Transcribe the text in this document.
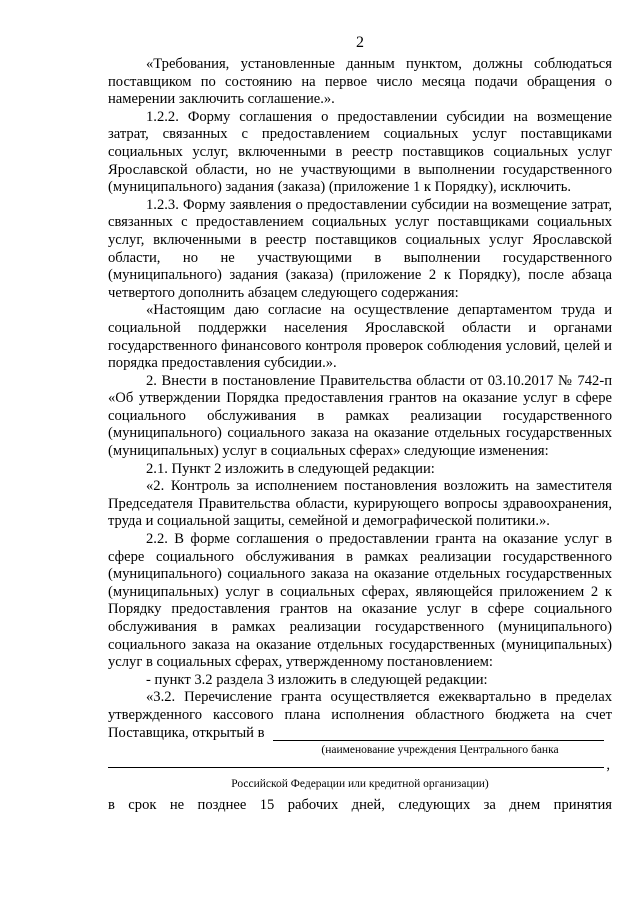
2

«Требования, установленные данным пунктом, должны соблюдаться поставщиком по состоянию на первое число месяца подачи обращения о намерении заключить соглашение.».

1.2.2. Форму соглашения о предоставлении субсидии на возмещение затрат, связанных с предоставлением социальных услуг поставщиками социальных услуг, включенными в реестр поставщиков социальных услуг Ярославской области, но не участвующими в выполнении государственного (муниципального) задания (заказа) (приложение 1 к Порядку), исключить.

1.2.3. Форму заявления о предоставлении субсидии на возмещение затрат, связанных с предоставлением социальных услуг поставщиками социальных услуг, включенными в реестр поставщиков социальных услуг Ярославской области, но не участвующими в выполнении государственного (муниципального) задания (заказа) (приложение 2 к Порядку), после абзаца четвертого дополнить абзацем следующего содержания:

«Настоящим даю согласие на осуществление департаментом труда и социальной поддержки населения Ярославской области и органами государственного финансового контроля проверок соблюдения условий, целей и порядка предоставления субсидии.».

2. Внести в постановление Правительства области от 03.10.2017 № 742-п «Об утверждении Порядка предоставления грантов на оказание услуг в сфере социального обслуживания в рамках реализации государственного (муниципального) социального заказа на оказание отдельных государственных (муниципальных) услуг в социальных сферах» следующие изменения:

2.1. Пункт 2 изложить в следующей редакции:

«2. Контроль за исполнением постановления возложить на заместителя Председателя Правительства области, курирующего вопросы здравоохранения, труда и социальной защиты, семейной и демографической политики.».

2.2. В форме соглашения о предоставлении гранта на оказание услуг в сфере социального обслуживания в рамках реализации государственного (муниципального) социального заказа на оказание отдельных государственных (муниципальных) услуг в социальных сферах, являющейся приложением 2 к Порядку предоставления грантов на оказание услуг в сфере социального обслуживания в рамках реализации государственного (муниципального) социального заказа на оказание отдельных государственных (муниципальных) услуг в социальных сферах, утвержденному постановлением:

- пункт 3.2 раздела 3 изложить в следующей редакции:

«3.2. Перечисление гранта осуществляется ежеквартально в пределах утвержденного кассового плана исполнения областного бюджета на счет

Поставщика, открытый в
(наименование учреждения Центрального банка
,
Российской Федерации или кредитной организации)
в срок не позднее 15 рабочих дней, следующих за днем принятия
